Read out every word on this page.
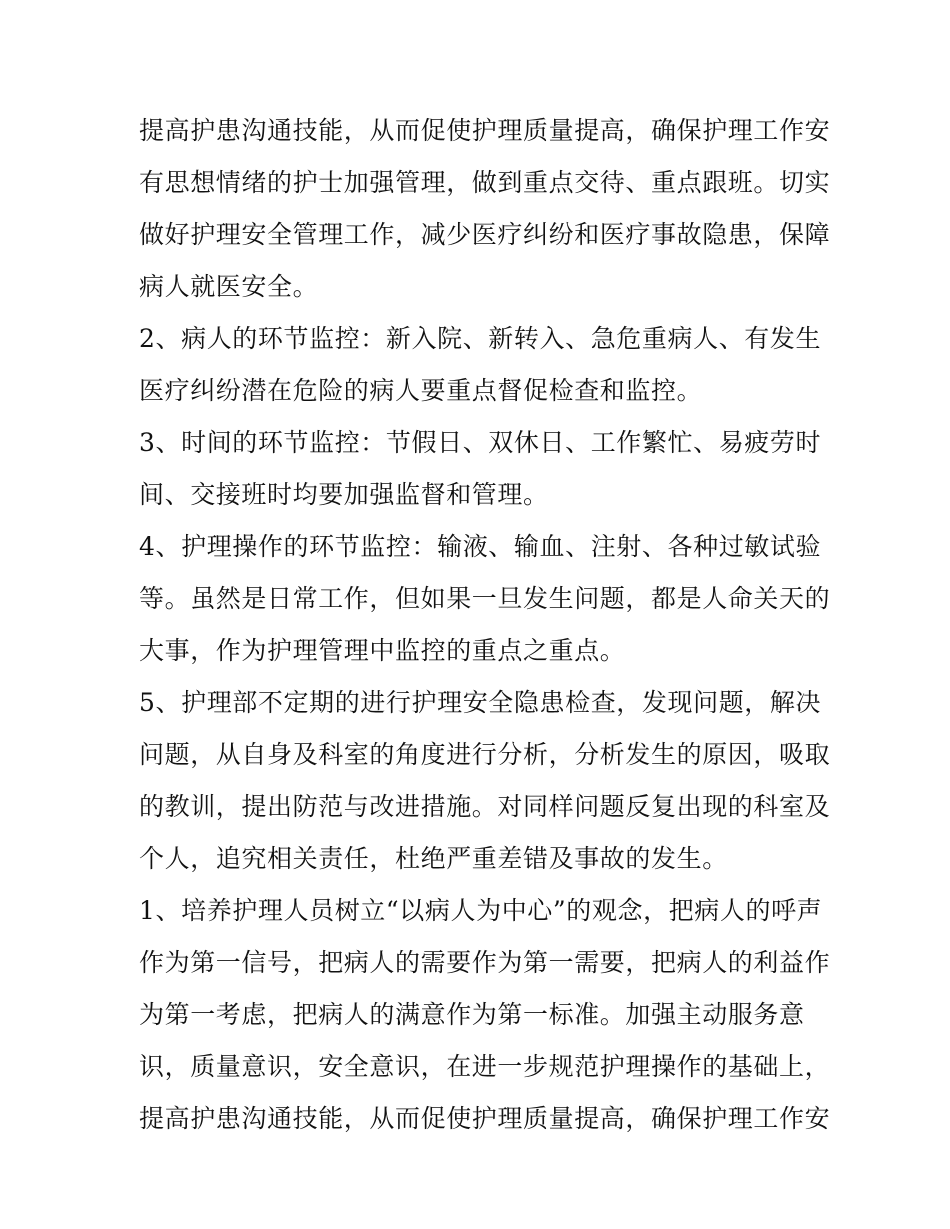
提高护患沟通技能，从而促使护理质量提高，确保护理工作安
有思想情绪的护士加强管理，做到重点交待、重点跟班。切实
做好护理安全管理工作，减少医疗纠纷和医疗事故隐患，保障
病人就医安全。
2、病人的环节监控：新入院、新转入、急危重病人、有发生
医疗纠纷潜在危险的病人要重点督促检查和监控。
3、时间的环节监控：节假日、双休日、工作繁忙、易疲劳时
间、交接班时均要加强监督和管理。
4、护理操作的环节监控：输液、输血、注射、各种过敏试验
等。虽然是日常工作，但如果一旦发生问题，都是人命关天的
大事，作为护理管理中监控的重点之重点。
5、护理部不定期的进行护理安全隐患检查，发现问题，解决
问题，从自身及科室的角度进行分析，分析发生的原因，吸取
的教训，提出防范与改进措施。对同样问题反复出现的科室及
个人，追究相关责任，杜绝严重差错及事故的发生。
1、培养护理人员树立“以病人为中心”的观念，把病人的呼声
作为第一信号，把病人的需要作为第一需要，把病人的利益作
为第一考虑，把病人的满意作为第一标准。加强主动服务意
识，质量意识，安全意识，在进一步规范护理操作的基础上，
提高护患沟通技能，从而促使护理质量提高，确保护理工作安
